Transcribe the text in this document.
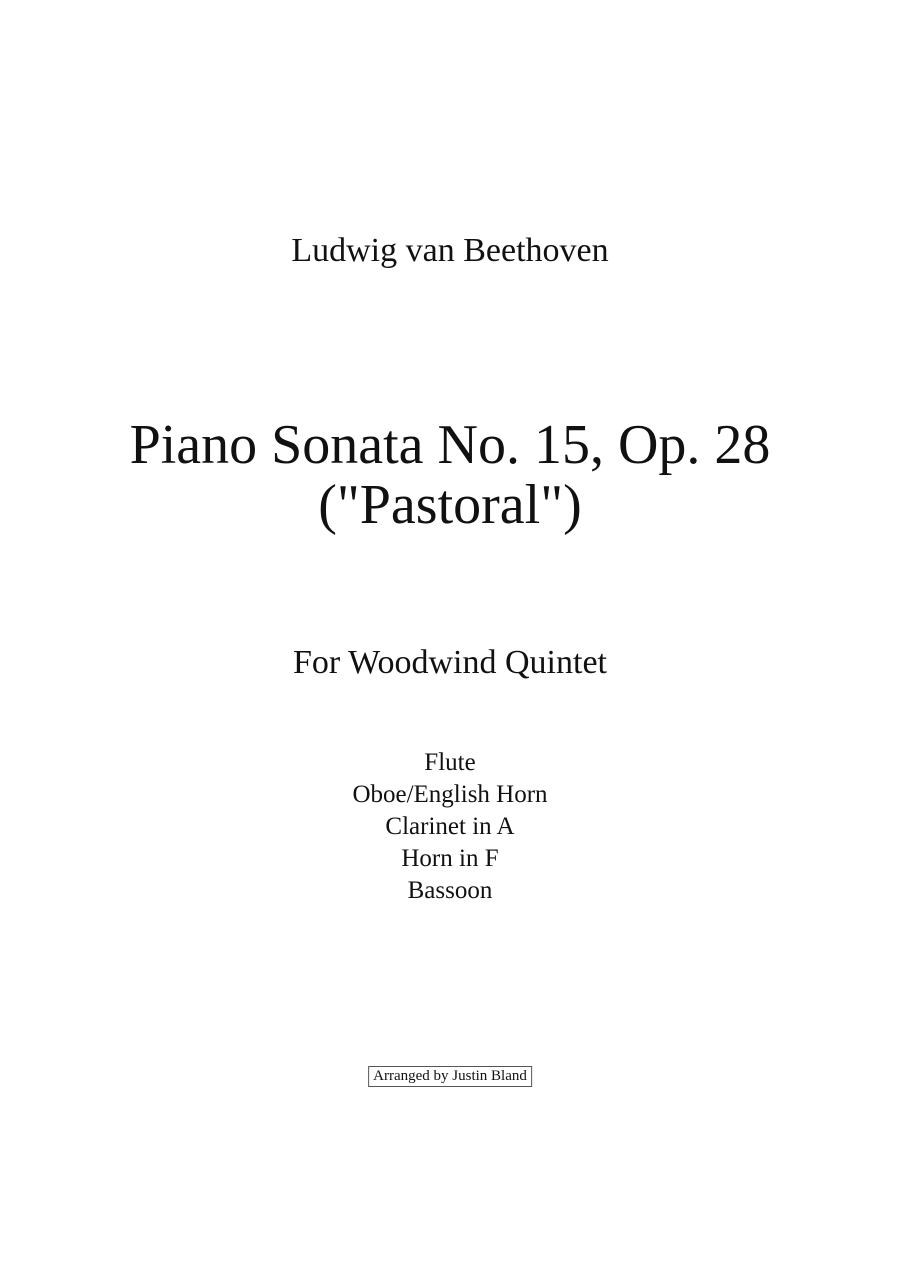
Ludwig van Beethoven
Piano Sonata No. 15, Op. 28
("Pastoral")
For Woodwind Quintet
Flute
Oboe/English Horn
Clarinet in A
Horn in F
Bassoon
Arranged by Justin Bland
